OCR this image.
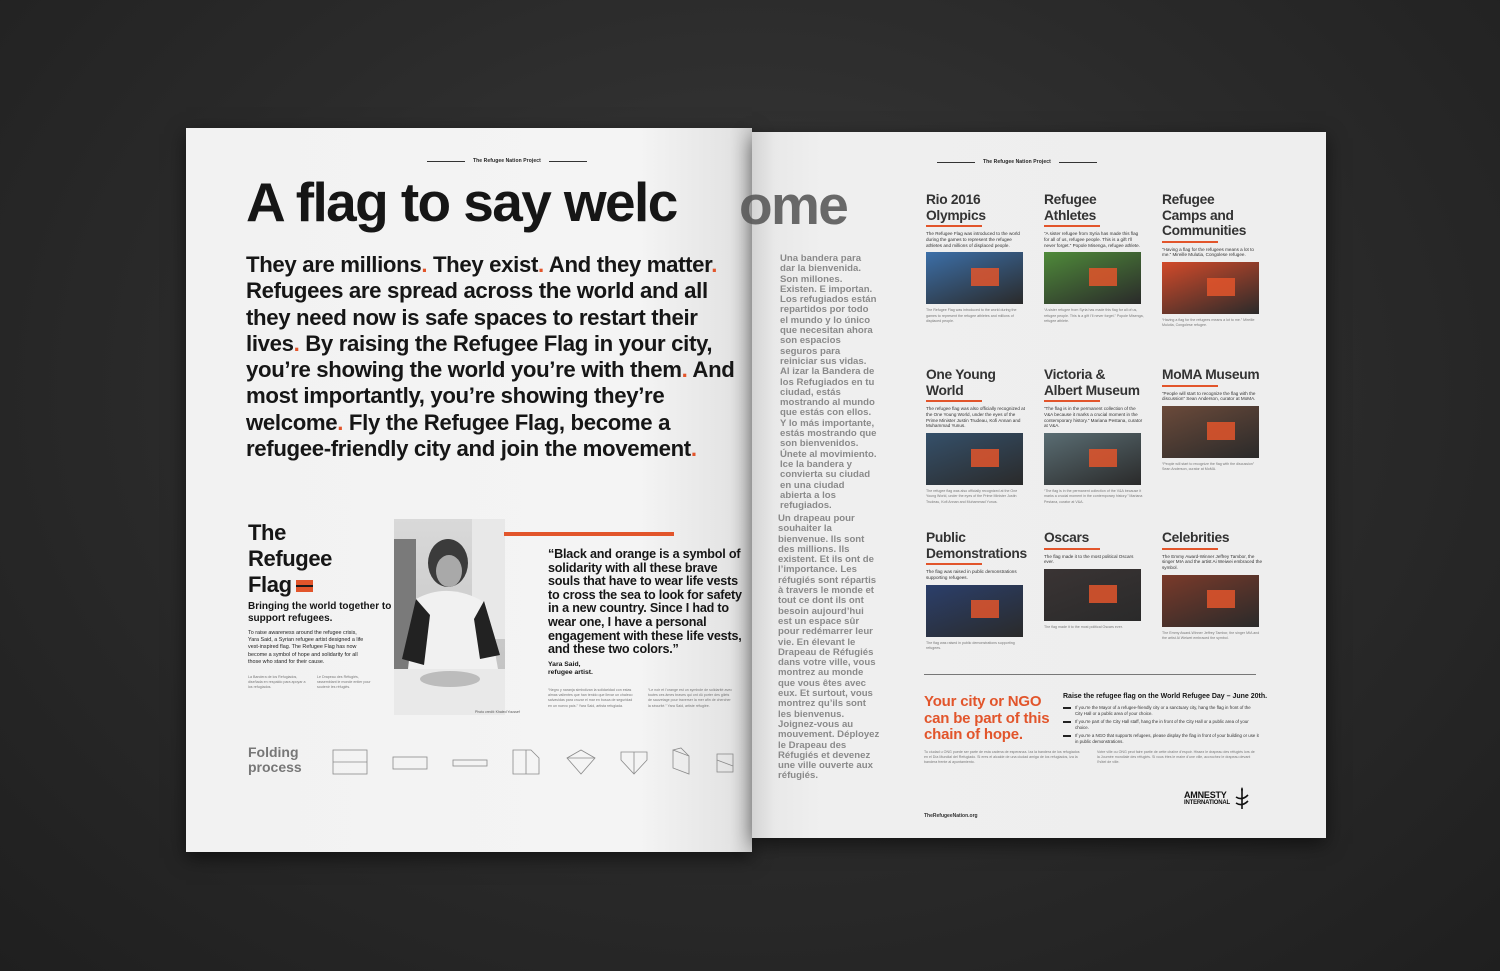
The Refugee Nation Project
A flag to say welc
They are millions. They exist. And they matter. Refugees are spread across the world and all they need now is safe spaces to restart their lives. By raising the Refugee Flag in your city, you’re showing the world you’re with them. And most importantly, you’re showing they’re welcome. Fly the Refugee Flag, become a refugee-friendly city and join the movement.
The
Refugee
Flag
Bringing the world together to support refugees.
To raise awareness around the refugee crisis, Yara Said, a Syrian refugee artist designed a life vest-inspired flag. The Refugee Flag has now become a symbol of hope and solidarity for all those who stand for their cause.
La Bandera de los Refugiados, diseñada en respaldo para apoyar a los refugiados.
Le Drapeau des Réfugiés, rassemblant le monde entier pour soutenir les réfugiés.
Photo credit: Khaled Youssef
“Black and orange is a symbol of solidarity with all these brave souls that have to wear life vests to cross the sea to look for safety in a new country. Since I had to wear one, I have a personal engagement with these life vests, and these two colors.”
Yara Said,
refugee artist.
“Negro y naranja simbolizan la solidaridad con estas almas valientes que han tenido que llevar un chaleco salvavidas para cruzar el mar en busca de seguridad en un nuevo país.” Yara Said, artista refugiada.
“Le noir et l’orange est un symbole de solidarité avec toutes ces âmes braves qui ont dû porter des gilets de sauvetage pour traverser la mer afin de chercher la sécurité.” Yara Said, artiste réfugiée.
Folding
process
ome
The Refugee Nation Project
Una bandera para dar la bienvenida. Son millones. Existen. E importan. Los refugiados están repartidos por todo el mundo y lo único que necesitan ahora son espacios seguros para reiniciar sus vidas. Al izar la Bandera de los Refugiados en tu ciudad, estás mostrando al mundo que estás con ellos. Y lo más importante, estás mostrando que son bienvenidos. Únete al movimiento. Ice la bandera y convierta su ciudad en una ciudad abierta a los refugiados.
Un drapeau pour souhaiter la bienvenue. Ils sont des millions. Ils existent. Et ils ont de l’importance. Les réfugiés sont répartis à travers le monde et tout ce dont ils ont besoin aujourd’hui est un espace sûr pour redémarrer leur vie. En élevant le Drapeau de Réfugiés dans votre ville, vous montrez au monde que vous êtes avec eux. Et surtout, vous montrez qu’ils sont les bienvenus. Joignez-vous au mouvement. Déployez le Drapeau des Réfugiés et devenez une ville ouverte aux réfugiés.
Rio 2016 Olympics
The Refugee Flag was introduced to the world during the games to represent the refugee athletes and millions of displaced people.
The Refugee Flag was introduced to the world during the games to represent the refugee athletes and millions of displaced people.
Refugee Athletes
“A sister refugee from Syria has made this flag for all of us, refugee people. This is a gift I’ll never forget.” Popole Misenga, refugee athlete.
“A sister refugee from Syria has made this flag for all of us, refugee people. This is a gift I’ll never forget.” Popole Misenga, refugee athlete.
Refugee Camps and Communities
“Having a flag for the refugees means a lot to me.” Mireille Mulutia, Congolese refugee.
“Having a flag for the refugees means a lot to me.” Mireille Mulutia, Congolese refugee.
One Young World
The refugee flag was also officially recognized at the One Young World, under the eyes of the Prime Minister Justin Trudeau, Kofi Annan and Muhammad Yunus.
The refugee flag was also officially recognized at the One Young World, under the eyes of the Prime Minister Justin Trudeau, Kofi Annan and Muhammad Yunus.
Victoria & Albert Museum
“The flag is in the permanent collection of the V&A because it marks a crucial moment in the contemporary history.” Mariana Pestana, curator at V&A.
“The flag is in the permanent collection of the V&A because it marks a crucial moment in the contemporary history.” Mariana Pestana, curator at V&A.
MoMA Museum
“People will start to recognize the flag with the discussion” Sean Anderson, curator at MoMA.
“People will start to recognize the flag with the discussion” Sean Anderson, curator at MoMA.
Public Demonstrations
The flag was raised in public demonstrations supporting refugees.
The flag was raised in public demonstrations supporting refugees.
Oscars
The flag made it to the most political Oscars ever.
The flag made it to the most political Oscars ever.
Celebrities
The Emmy Award-Winner Jeffrey Tambor, the singer MIA and the artist Ai Weiwei embraced the symbol.
The Emmy Award-Winner Jeffrey Tambor, the singer MIA and the artist Ai Weiwei embraced the symbol.
Your city or NGO can be part of this chain of hope.
Raise the refugee flag on the World Refugee Day – June 20th.
If you’re the Mayor of a refugee-friendly city or a sanctuary city, hang the flag in front of the City Hall or a public area of your choice.
If you’re part of the City Hall staff, hang the in front of the City Hall or a public area of your choice.
If you’re a NGO that supports refugees, please display the flag in front of your building or use it in public demonstrations.
Tu ciudad u ONG puede ser parte de esta cadena de esperanza. Iza la bandera de los refugiados en el Día Mundial del Refugiado. Si eres el alcalde de una ciudad amiga de los refugiados, iza la bandera frente al ayuntamiento.
Votre ville ou ONG peut faire partie de cette chaîne d'espoir. Hissez le drapeau des réfugiés lors de la Journée mondiale des réfugiés. Si vous êtes le maire d'une ville, accrochez le drapeau devant l'hôtel de ville.
TheRefugeeNation.org
AMNESTY
INTERNATIONAL
